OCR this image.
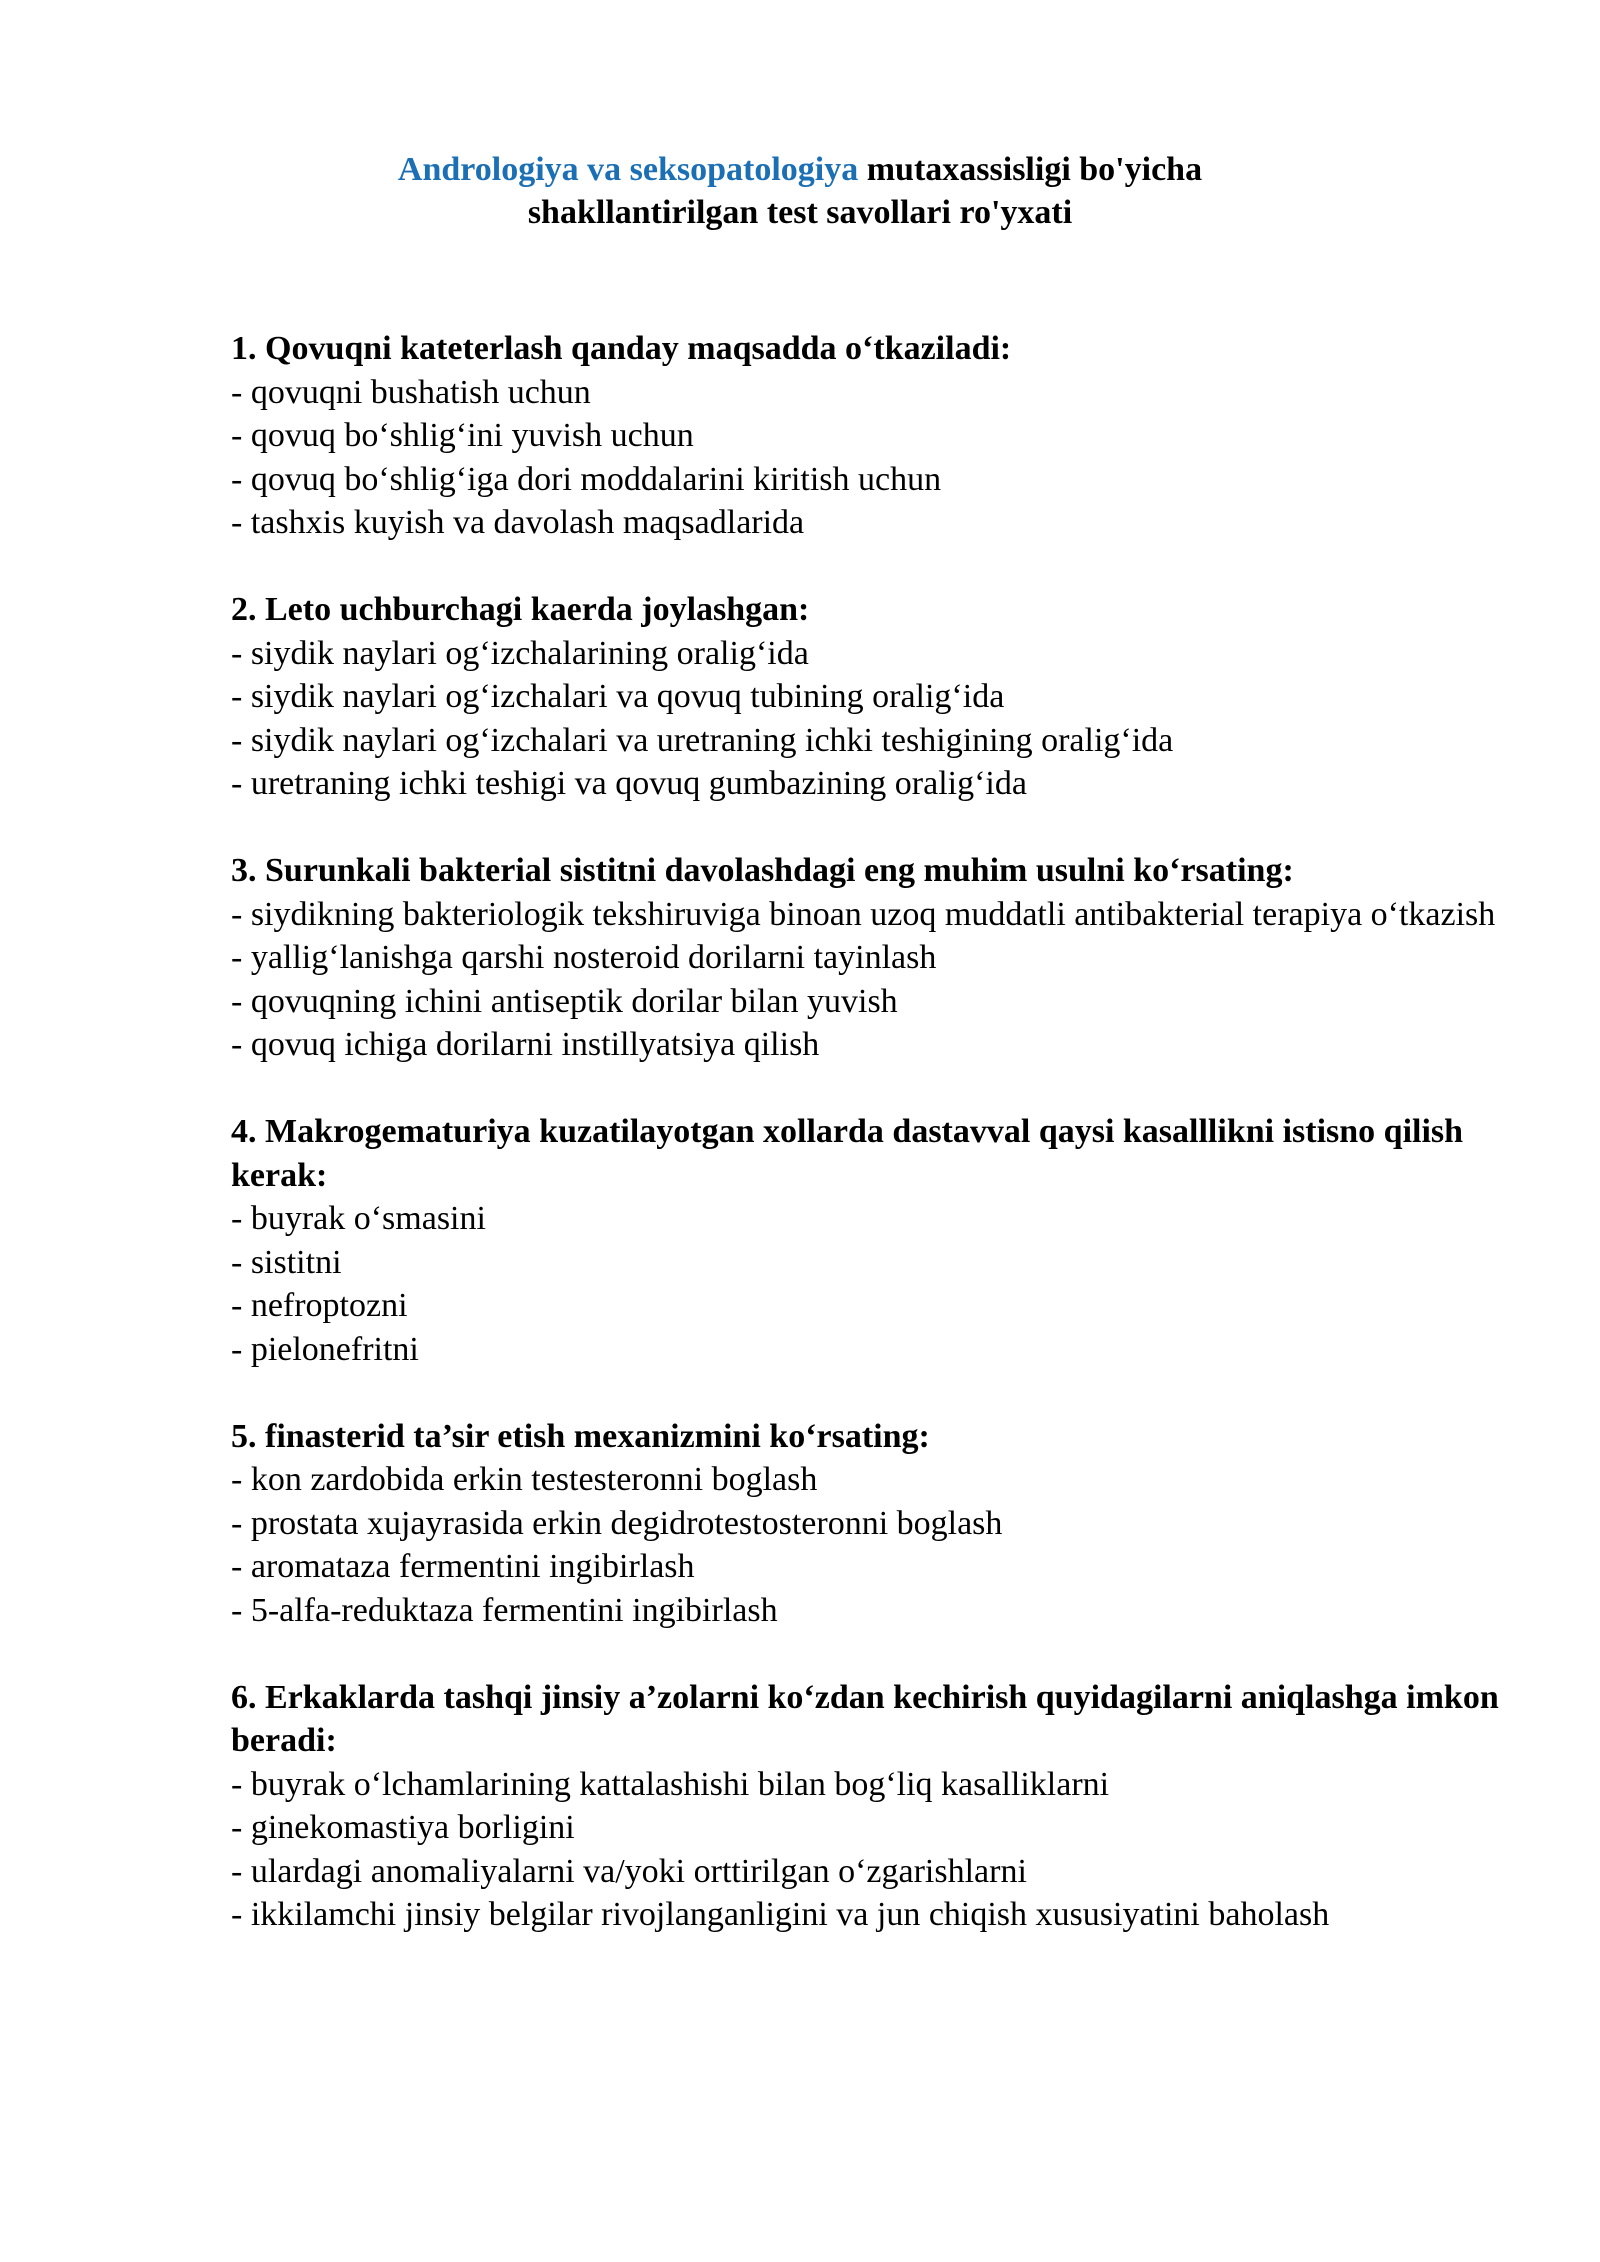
Andrologiya va seksopatologiya mutaxassisligi bo'yicha
shakllantirilgan test savollari ro'yxati

1. Qovuqni kateterlash qanday maqsadda o‘tkaziladi:

- qovuqni bushatish uchun

- qovuq bo‘shlig‘ini yuvish uchun

- qovuq bo‘shlig‘iga dori moddalarini kiritish uchun

- tashxis kuyish va davolash maqsadlarida

2. Leto uchburchagi kaerda joylashgan:

- siydik naylari og‘izchalarining oralig‘ida

- siydik naylari og‘izchalari va qovuq tubining oralig‘ida

- siydik naylari og‘izchalari va uretraning ichki teshigining oralig‘ida

- uretraning ichki teshigi va qovuq gumbazining oralig‘ida

3. Surunkali bakterial sistitni davolashdagi eng muhim usulni ko‘rsating:

- siydikning bakteriologik tekshiruviga binoan uzoq muddatli antibakterial terapiya o‘tkazish

- yallig‘lanishga qarshi nosteroid dorilarni tayinlash

- qovuqning ichini antiseptik dorilar bilan yuvish

- qovuq ichiga dorilarni instillyatsiya qilish

4. Makrogematuriya kuzatilayotgan xollarda dastavval qaysi kasalllikni istisno qilish kerak:

- buyrak o‘smasini

- sistitni

- nefroptozni

- pielonefritni

5. finasterid ta’sir etish mexanizmini ko‘rsating:

- kon zardobida erkin testesteronni boglash

- prostata xujayrasida erkin degidrotestosteronni boglash

- aromataza fermentini ingibirlash

- 5-alfa-reduktaza fermentini ingibirlash

6. Erkaklarda tashqi jinsiy a’zolarni ko‘zdan kechirish quyidagilarni aniqlashga imkon beradi:

- buyrak o‘lchamlarining kattalashishi bilan bog‘liq kasalliklarni

- ginekomastiya borligini

- ulardagi anomaliyalarni va/yoki orttirilgan o‘zgarishlarni

- ikkilamchi jinsiy belgilar rivojlanganligini va jun chiqish xususiyatini baholash
